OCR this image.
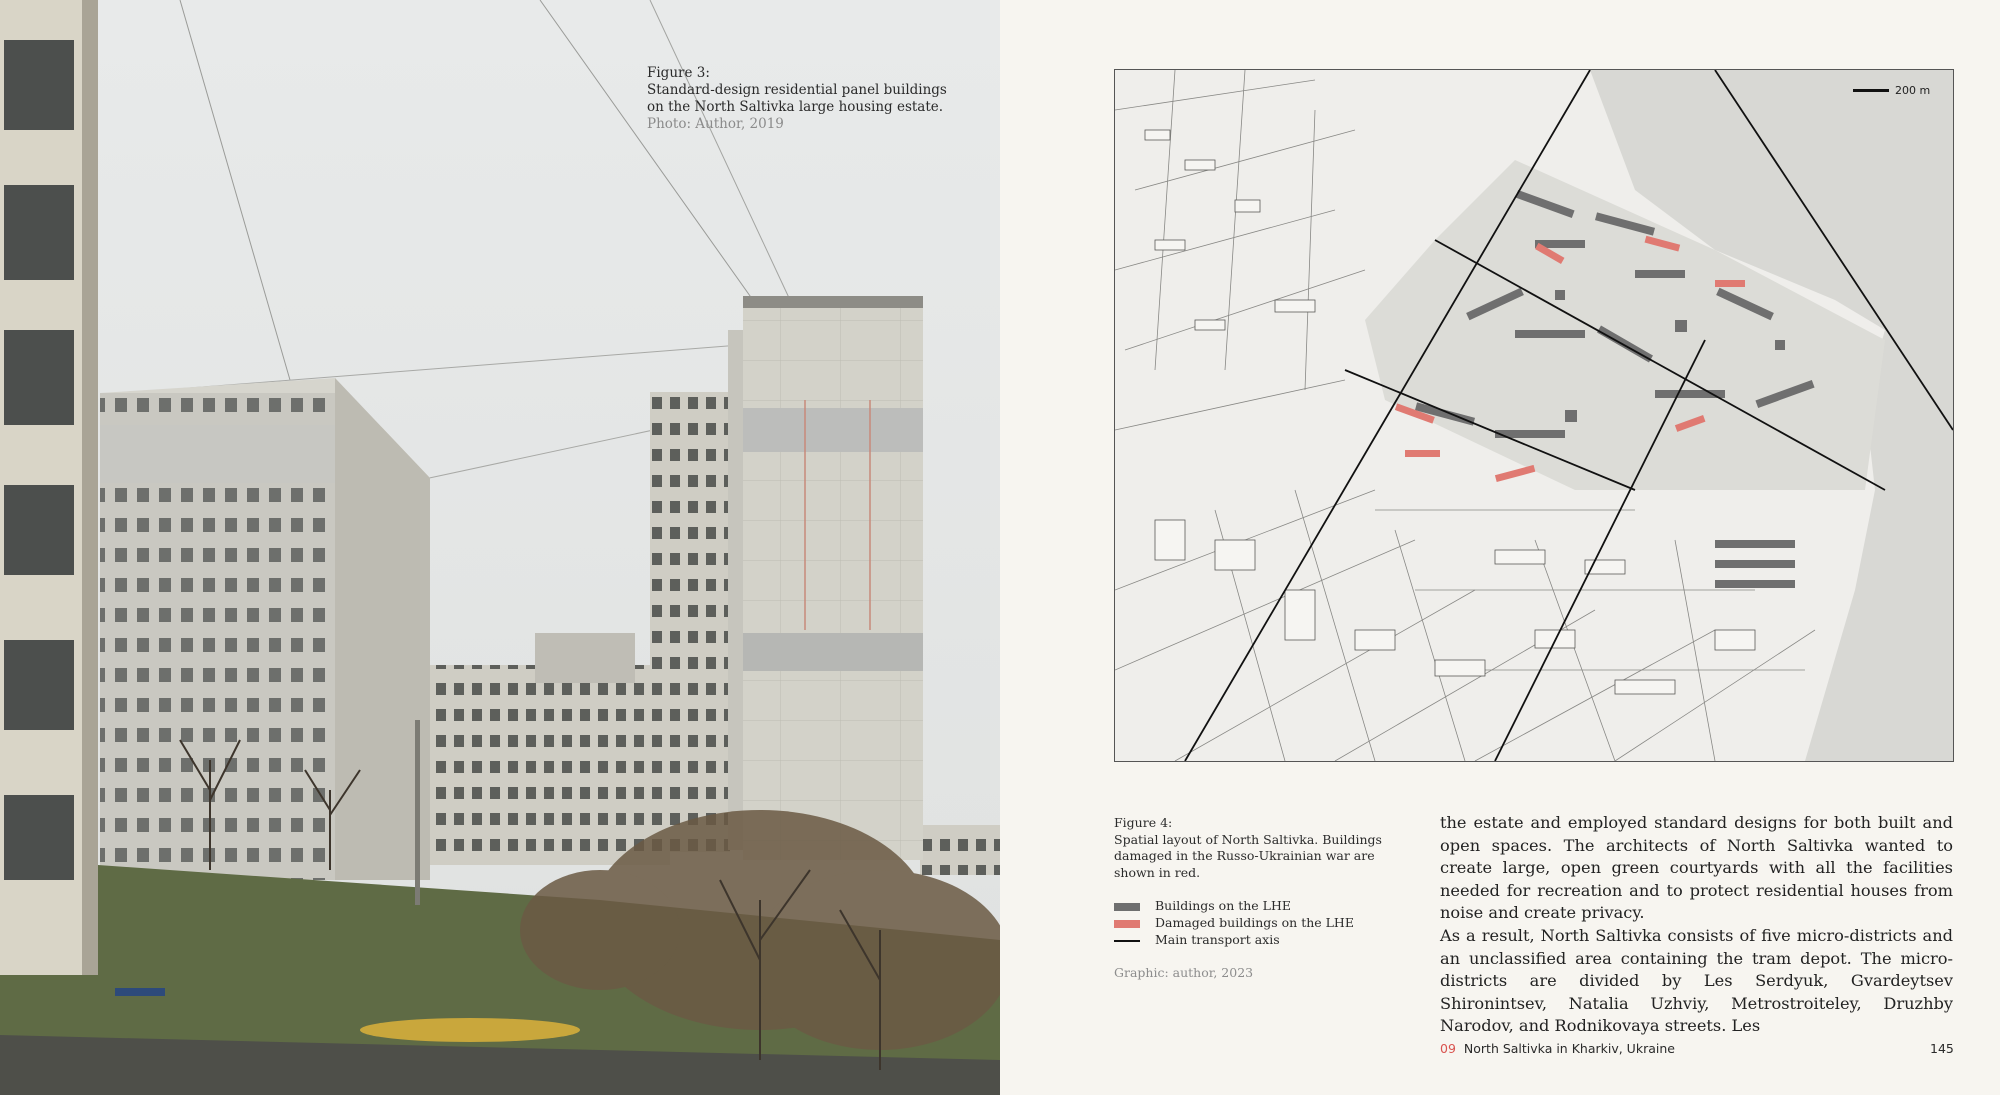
Figure 3:
Standard-design residential panel buildings on the North Saltivka large housing estate.
Photo: Author, 2019
200 m
Figure 4:
Spatial layout of North Saltivka. Buildings damaged in the Russo-Ukrainian war are shown in red.
Buildings on the LHE
Damaged buildings on the LHE
Main transport axis
Graphic: author, 2023

the estate and employed standard designs for both built and open spaces. The architects of North Saltivka wanted to create large, open green courtyards with all the facilities needed for recreation and to protect residential houses from noise and create privacy.

As a result, North Saltivka consists of five micro-districts and an unclassified area containing the tram depot. The micro-districts are divided by Les Serdyuk, Gvardeytsev Shironintsev, Natalia Uzhviy, Metrostroiteley, Druzhby Narodov, and Rodnikovaya streets. Les

09 North Saltivka in Kharkiv, Ukraine	145
